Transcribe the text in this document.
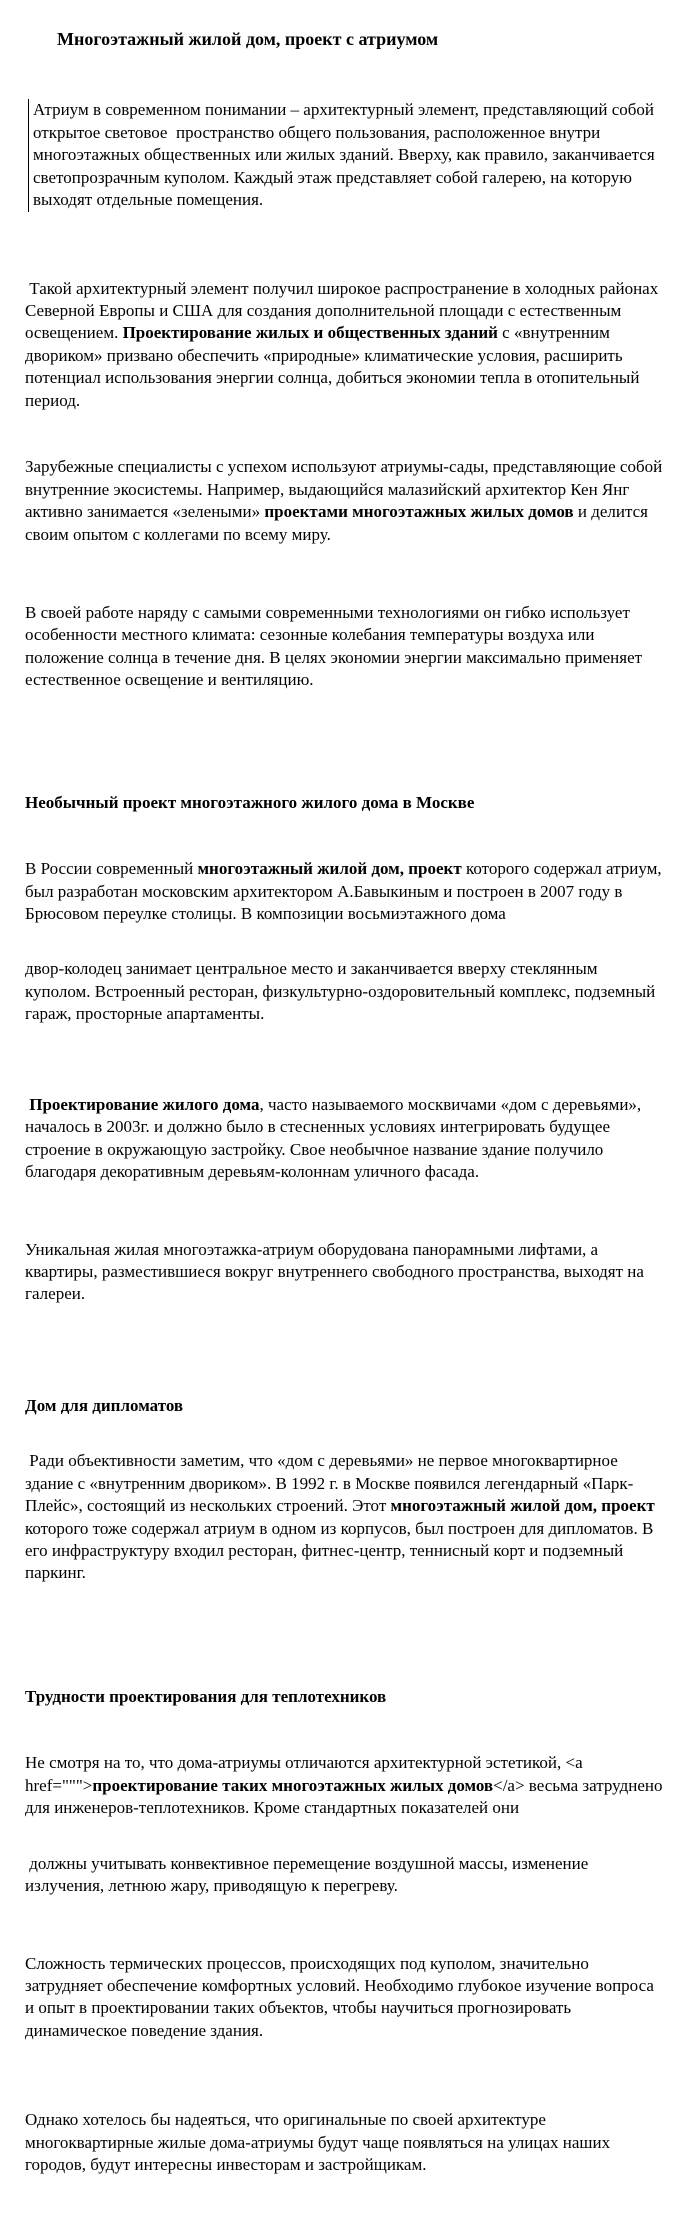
Многоэтажный жилой дом, проект с атриумом

Атриум в современном понимании – архитектурный элемент, представляющий собой открытое световое  пространство общего пользования, расположенное внутри многоэтажных общественных или жилых зданий. Вверху, как правило, заканчивается светопрозрачным куполом. Каждый этаж представляет собой галерею, на которую выходят отдельные помещения.

Такой архитектурный элемент получил широкое распространение в холодных районах Северной Европы и США для создания дополнительной площади с естественным освещением. Проектирование жилых и общественных зданий с «внутренним двориком» призвано обеспечить «природные» климатические условия, расширить потенциал использования энергии солнца, добиться экономии тепла в отопительный период.

Зарубежные специалисты с успехом используют атриумы-сады, представляющие собой внутренние экосистемы. Например, выдающийся малазийский архитектор Кен Янг активно занимается «зелеными» проектами многоэтажных жилых домов и делится своим опытом с коллегами по всему миру.

В своей работе наряду с самыми современными технологиями он гибко использует особенности местного климата: сезонные колебания температуры воздуха или положение солнца в течение дня. В целях экономии энергии максимально применяет естественное освещение и вентиляцию.

Необычный проект многоэтажного жилого дома в Москве

В России современный многоэтажный жилой дом, проект которого содержал атриум, был разработан московским архитектором А.Бавыкиным и построен в 2007 году в Брюсовом переулке столицы. В композиции восьмиэтажного дома

двор-колодец занимает центральное место и заканчивается вверху стеклянным куполом. Встроенный ресторан, физкультурно-оздоровительный комплекс, подземный гараж, просторные апартаменты.

Проектирование жилого дома, часто называемого москвичами «дом с деревьями», началось в 2003г. и должно было в стесненных условиях интегрировать будущее строение в окружающую застройку. Свое необычное название здание получило благодаря декоративным деревьям-колоннам уличного фасада.

Уникальная жилая многоэтажка-атриум оборудована панорамными лифтами, а квартиры, разместившиеся вокруг внутреннего свободного пространства, выходят на галереи.

Дом для дипломатов

Ради объективности заметим, что «дом с деревьями» не первое многоквартирное здание с «внутренним двориком». В 1992 г. в Москве появился легендарный «Парк-Плейс», состоящий из нескольких строений. Этот многоэтажный жилой дом, проект которого тоже содержал атриум в одном из корпусов, был построен для дипломатов. В его инфраструктуру входил ресторан, фитнес-центр, теннисный корт и подземный паркинг.

Трудности проектирования для теплотехников

Не смотря на то, что дома-атриумы отличаются архитектурной эстетикой, <a href=""">проектирование таких многоэтажных жилых домов</a> весьма затруднено для инженеров-теплотехников. Кроме стандартных показателей они

должны учитывать конвективное перемещение воздушной массы, изменение излучения, летнюю жару, приводящую к перегреву.

Сложность термических процессов, происходящих под куполом, значительно затрудняет обеспечение комфортных условий. Необходимо глубокое изучение вопроса и опыт в проектировании таких объектов, чтобы научиться прогнозировать динамическое поведение здания.

Однако хотелось бы надеяться, что оригинальные по своей архитектуре многоквартирные жилые дома-атриумы будут чаще появляться на улицах наших городов, будут интересны инвесторам и застройщикам.
